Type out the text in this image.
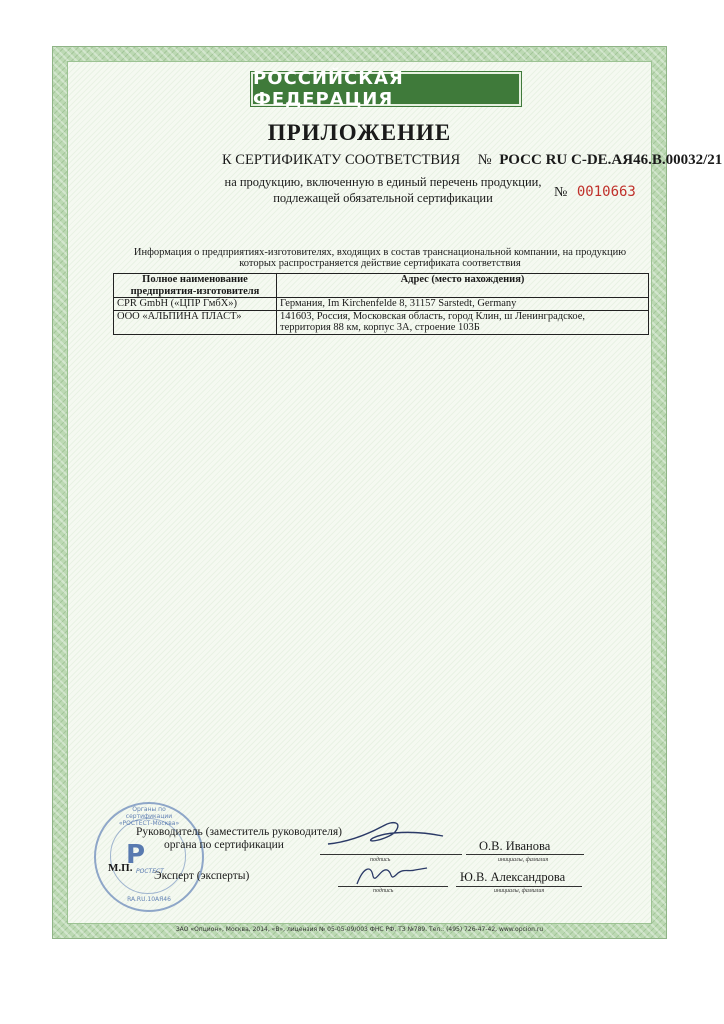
РОССИЙСКАЯ ФЕДЕРАЦИЯ
ПРИЛОЖЕНИЕ
К СЕРТИФИКАТУ СООТВЕТСТВИЯ № РОСС RU C-DE.АЯ46.В.00032/21
на продукцию, включенную в единый перечень продукции,
подлежащей обязательной сертификации	№ 0010663
Информация о предприятиях-изготовителях, входящих в состав транснациональной компании, на продукцию
которых распространяется действие сертификата соответствия
Полное наименование
предприятия-изготовителя	Адрес (место нахождения)
CPR GmbH («ЦПР ГмбХ»)	Германия, Im Kirchenfelde 8, 31157 Sarstedt, Germany
ООО «АЛЬПИНА ПЛАСТ»	141603, Россия, Московская область, город Клин, ш Ленинградское,
территория 88 км, корпус 3А, строение 103Б
Органы по сертификации «РОСТЕСТ-Москва»
Р
РОСТЕСТ
RA.RU.10АЯ46
М.П.
Руководитель (заместитель руководителя)
органа по сертификации
подпись
О.В. Иванова
инициалы, фамилия
Эксперт (эксперты)
подпись
Ю.В. Александрова
инициалы, фамилия
ЗАО «Опцион», Москва, 2014, «В», лицензия № 05-05-09/003 ФНС РФ, ТЗ №789. Тел.: (495) 726-47-42, www.opcion.ru
